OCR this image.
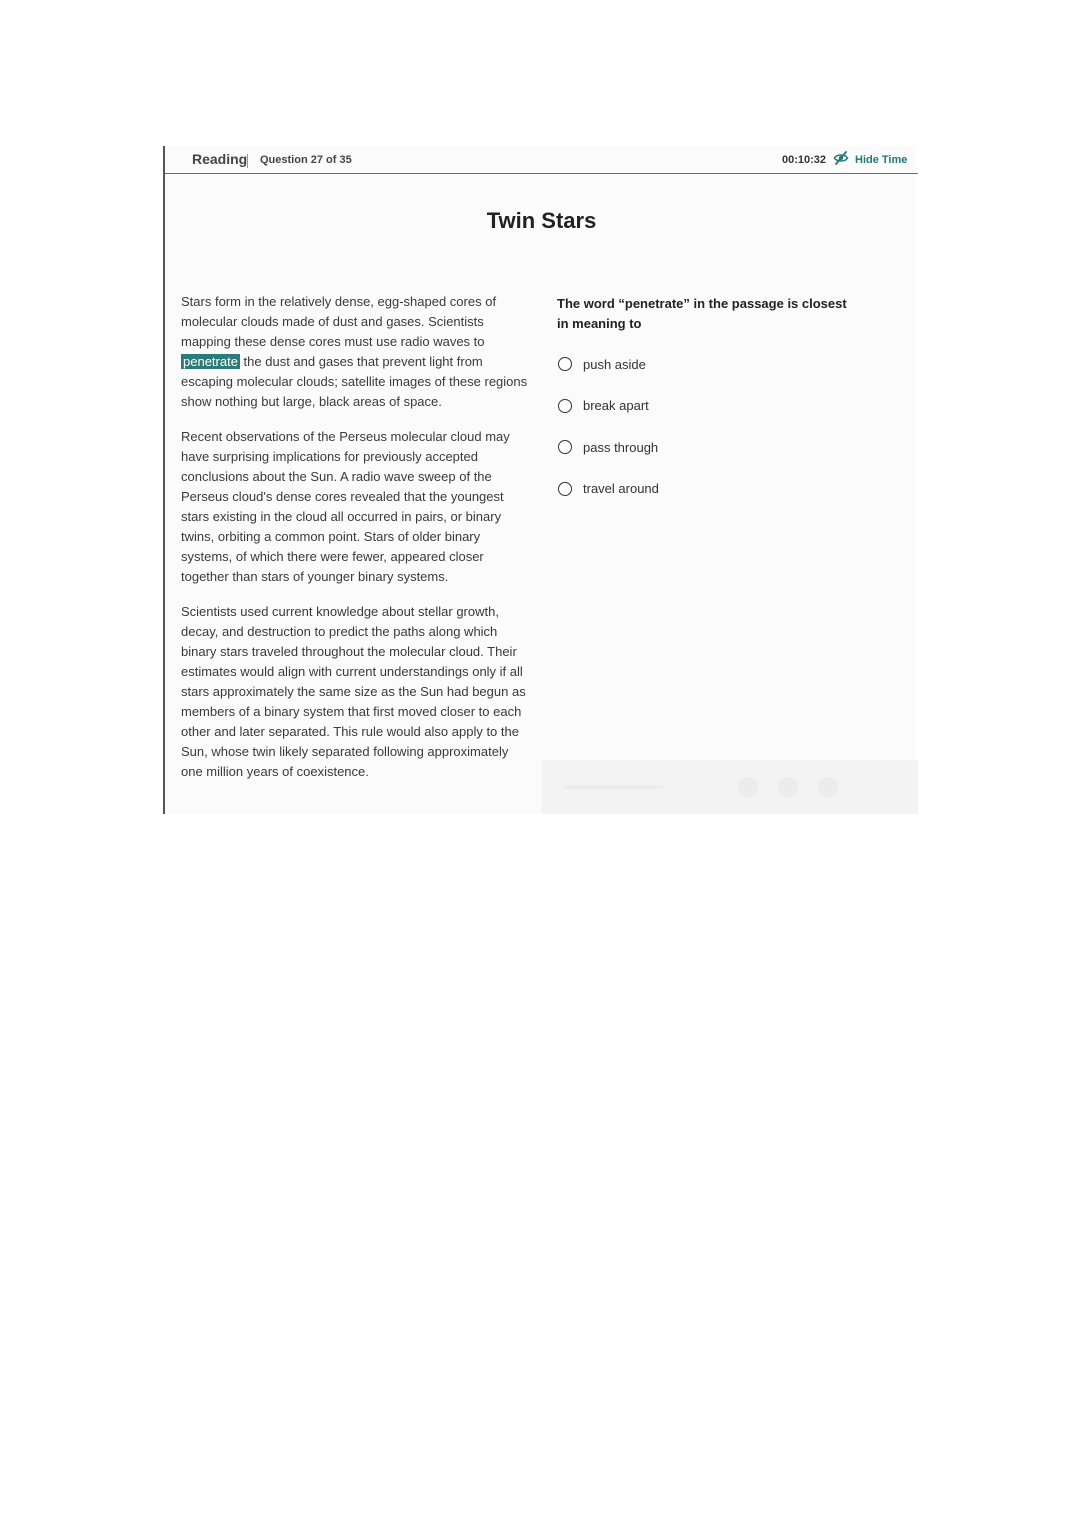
Reading Question 27 of 35	00:10:32	Hide Time
Twin Stars

Stars form in the relatively dense, egg-shaped cores of molecular clouds made of dust and gases. Scientists mapping these dense cores must use radio waves to penetrate the dust and gases that prevent light from escaping molecular clouds; satellite images of these regions show nothing but large, black areas of space.

Recent observations of the Perseus molecular cloud may have surprising implications for previously accepted conclusions about the Sun. A radio wave sweep of the Perseus cloud's dense cores revealed that the youngest stars existing in the cloud all occurred in pairs, or binary twins, orbiting a common point. Stars of older binary systems, of which there were fewer, appeared closer together than stars of younger binary systems.

Scientists used current knowledge about stellar growth, decay, and destruction to predict the paths along which binary stars traveled throughout the molecular cloud. Their estimates would align with current understandings only if all stars approximately the same size as the Sun had begun as members of a binary system that first moved closer to each other and later separated. This rule would also apply to the Sun, whose twin likely separated following approximately one million years of coexistence.

The word “penetrate” in the passage is closest in meaning to
push aside
break apart
pass through
travel around
